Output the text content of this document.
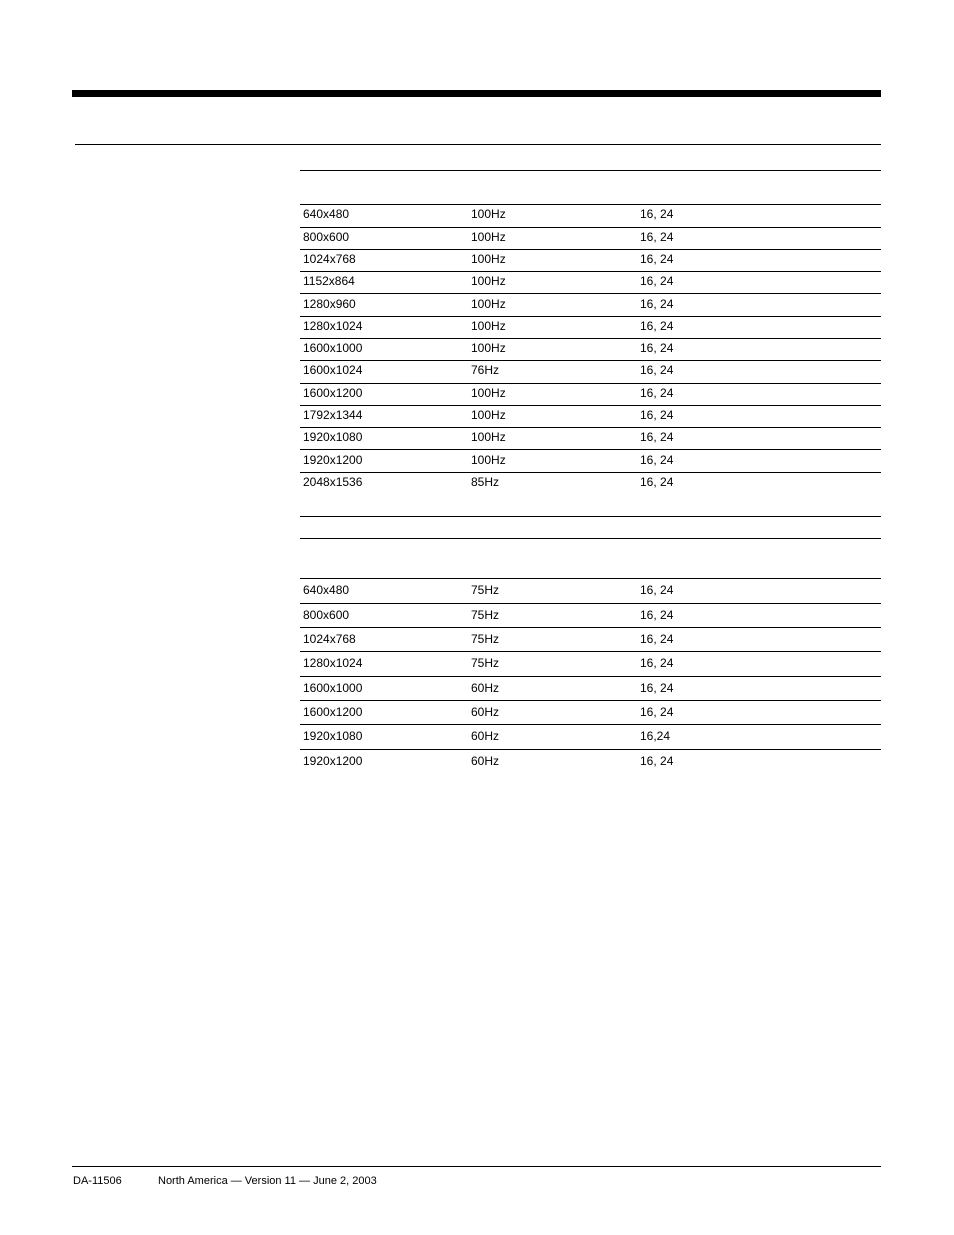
640x480	100Hz	16, 24
800x600	100Hz	16, 24
1024x768	100Hz	16, 24
1152x864	100Hz	16, 24
1280x960	100Hz	16, 24
1280x1024	100Hz	16, 24
1600x1000	100Hz	16, 24
1600x1024	76Hz	16, 24
1600x1200	100Hz	16, 24
1792x1344	100Hz	16, 24
1920x1080	100Hz	16, 24
1920x1200	100Hz	16, 24
2048x1536	85Hz	16, 24
640x480	75Hz	16, 24
800x600	75Hz	16, 24
1024x768	75Hz	16, 24
1280x1024	75Hz	16, 24
1600x1000	60Hz	16, 24
1600x1200	60Hz	16, 24
1920x1080	60Hz	16,24
1920x1200	60Hz	16, 24
DA-11506	North America — Version 11 — June 2, 2003
